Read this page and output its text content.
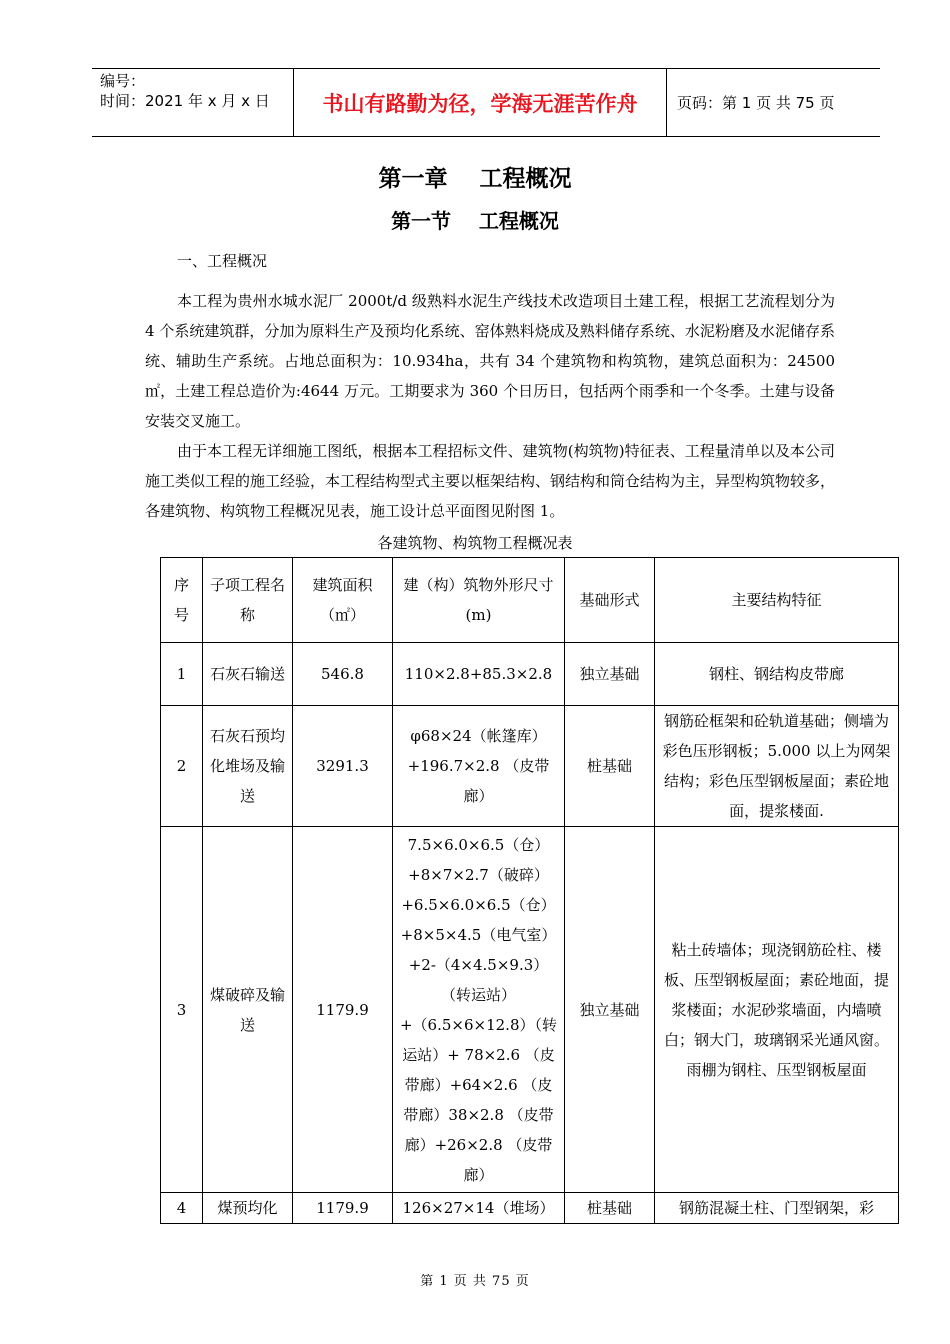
编号：
时间：2021 年 x 月 x 日	书山有路勤为径，学海无涯苦作舟	页码：第 1 页 共 75 页
第一章    工程概况
第一节    工程概况
一、工程概况

本工程为贵州水城水泥厂 2000t/d 级熟料水泥生产线技术改造项目土建工程，根据工艺流程划分为 4 个系统建筑群，分加为原料生产及预均化系统、窑体熟料烧成及熟料储存系统、水泥粉磨及水泥储存系统、辅助生产系统。占地总面积为：10.934ha，共有 34 个建筑物和构筑物，建筑总面积为：24500㎡，土建工程总造价为:4644 万元。工期要求为 360 个日历日，包括两个雨季和一个冬季。土建与设备安装交叉施工。

由于本工程无详细施工图纸，根据本工程招标文件、建筑物(构筑物)特征表、工程量清单以及本公司施工类似工程的施工经验，本工程结构型式主要以框架结构、钢结构和筒仓结构为主，异型构筑物较多，各建筑物、构筑物工程概况见表，施工设计总平面图见附图 1。

各建筑物、构筑物工程概况表
序号	子项工程名称	建筑面积（㎡）	建（构）筑物外形尺寸(m)	基础形式	主要结构特征
1	石灰石输送	546.8	110×2.8+85.3×2.8	独立基础	钢柱、钢结构皮带廊
2	石灰石预均化堆场及输送	3291.3	φ68×24（帐篷库）+196.7×2.8 （皮带廊）	桩基础	钢筋砼框架和砼轨道基础；侧墙为彩色压形钢板；5.000 以上为网架结构；彩色压型钢板屋面；素砼地面，提浆楼面.
3	煤破碎及输送	1179.9	7.5×6.0×6.5（仓）+8×7×2.7（破碎）+6.5×6.0×6.5（仓）+8×5×4.5（电气室）+2-（4×4.5×9.3）（转运站）+（6.5×6×12.8）（转运站）+ 78×2.6 （皮带廊）+64×2.6 （皮带廊）38×2.8 （皮带廊）+26×2.8 （皮带廊）	独立基础	粘土砖墙体；现浇钢筋砼柱、楼板、压型钢板屋面；素砼地面，提浆楼面；水泥砂浆墙面，内墙喷白；钢大门，玻璃钢采光通风窗。雨棚为钢柱、压型钢板屋面
4	煤预均化	1179.9	126×27×14（堆场）	桩基础	钢筋混凝土柱、门型钢架，彩
第 1 页 共 75 页
